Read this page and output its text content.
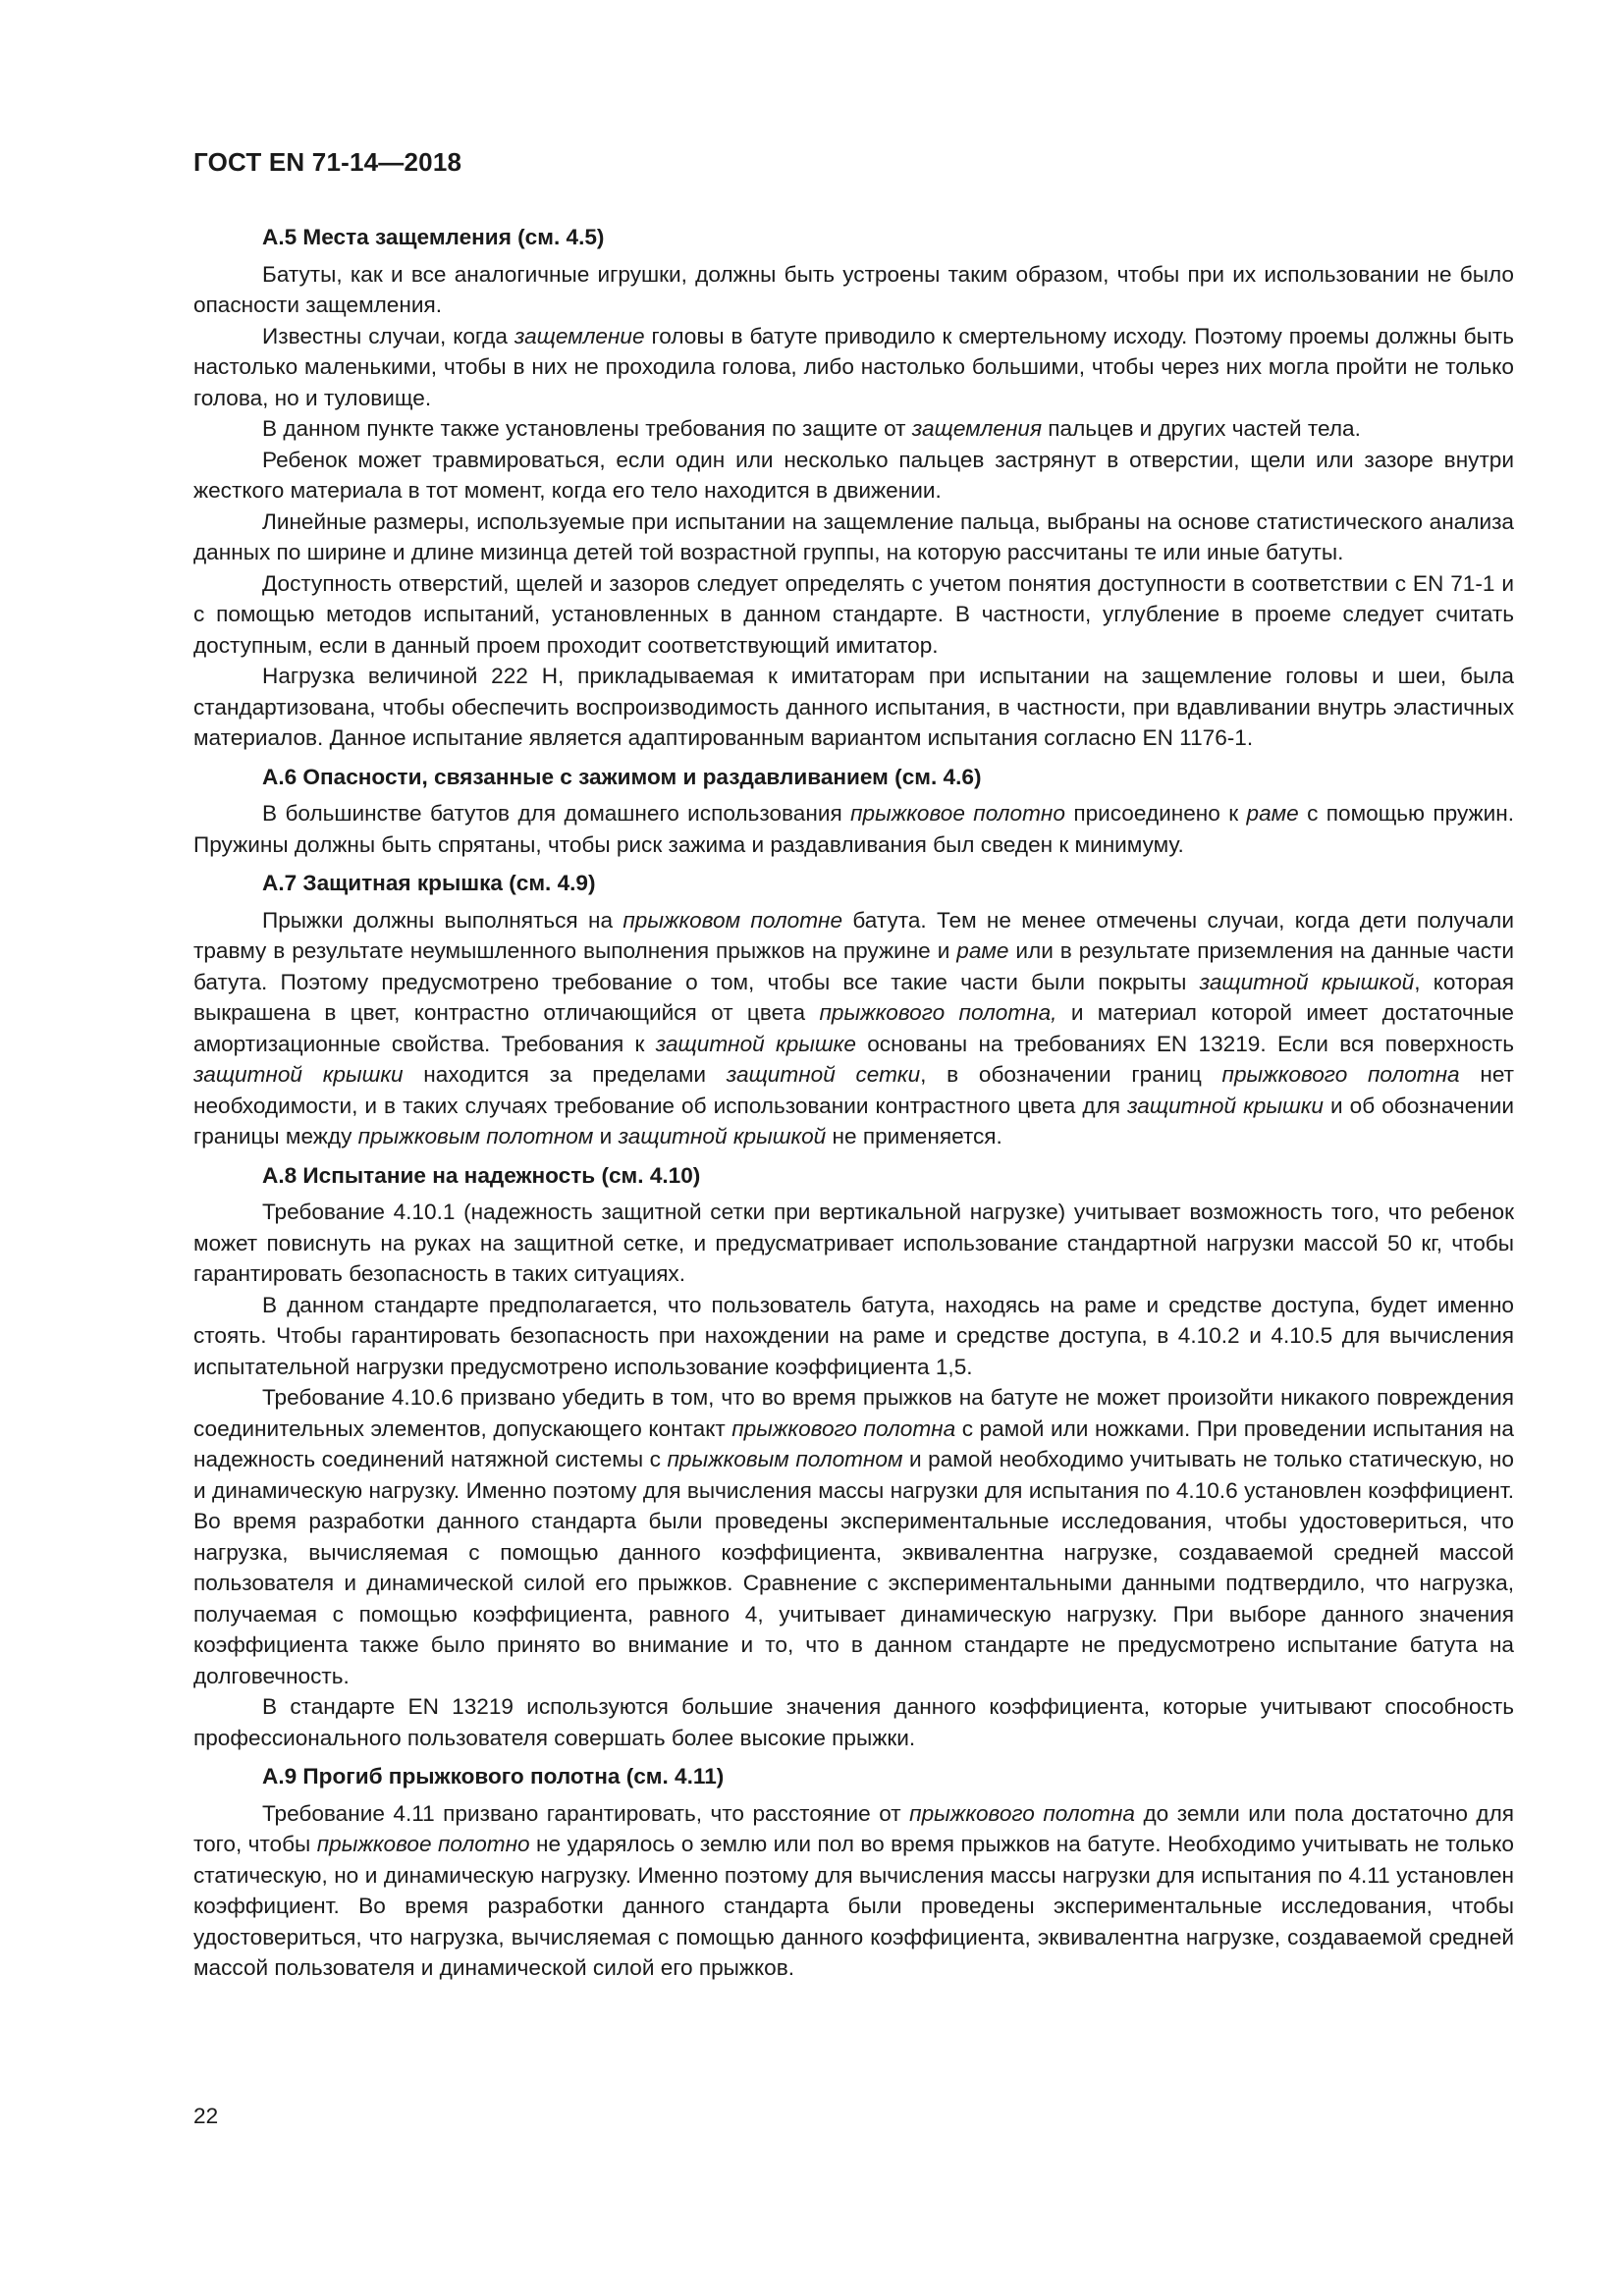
ГОСТ EN 71-14—2018
А.5 Места защемления (см. 4.5)

Батуты, как и все аналогичные игрушки, должны быть устроены таким образом, чтобы при их использовании не было опасности защемления.

Известны случаи, когда защемление головы в батуте приводило к смертельному исходу. Поэтому проемы должны быть настолько маленькими, чтобы в них не проходила голова, либо настолько большими, чтобы через них могла пройти не только голова, но и туловище.

В данном пункте также установлены требования по защите от защемления пальцев и других частей тела.

Ребенок может травмироваться, если один или несколько пальцев застрянут в отверстии, щели или зазоре внутри жесткого материала в тот момент, когда его тело находится в движении.

Линейные размеры, используемые при испытании на защемление пальца, выбраны на основе статистического анализа данных по ширине и длине мизинца детей той возрастной группы, на которую рассчитаны те или иные батуты.

Доступность отверстий, щелей и зазоров следует определять с учетом понятия доступности в соответствии с EN 71-1 и с помощью методов испытаний, установленных в данном стандарте. В частности, углубление в проеме следует считать доступным, если в данный проем проходит соответствующий имитатор.

Нагрузка величиной 222 Н, прикладываемая к имитаторам при испытании на защемление головы и шеи, была стандартизована, чтобы обеспечить воспроизводимость данного испытания, в частности, при вдавливании внутрь эластичных материалов. Данное испытание является адаптированным вариантом испытания согласно EN 1176-1.

А.6 Опасности, связанные с зажимом и раздавливанием (см. 4.6)

В большинстве батутов для домашнего использования прыжковое полотно присоединено к раме с помощью пружин. Пружины должны быть спрятаны, чтобы риск зажима и раздавливания был сведен к минимуму.

А.7 Защитная крышка (см. 4.9)

Прыжки должны выполняться на прыжковом полотне батута. Тем не менее отмечены случаи, когда дети получали травму в результате неумышленного выполнения прыжков на пружине и раме или в результате приземления на данные части батута. Поэтому предусмотрено требование о том, чтобы все такие части были покрыты защитной крышкой, которая выкрашена в цвет, контрастно отличающийся от цвета прыжкового полотна, и материал которой имеет достаточные амортизационные свойства. Требования к защитной крышке основаны на требованиях EN 13219. Если вся поверхность защитной крышки находится за пределами защитной сетки, в обозначении границ прыжкового полотна нет необходимости, и в таких случаях требование об использовании контрастного цвета для защитной крышки и об обозначении границы между прыжковым полотном и защитной крышкой не применяется.

А.8 Испытание на надежность (см. 4.10)

Требование 4.10.1 (надежность защитной сетки при вертикальной нагрузке) учитывает возможность того, что ребенок может повиснуть на руках на защитной сетке, и предусматривает использование стандартной нагрузки массой 50 кг, чтобы гарантировать безопасность в таких ситуациях.

В данном стандарте предполагается, что пользователь батута, находясь на раме и средстве доступа, будет именно стоять. Чтобы гарантировать безопасность при нахождении на раме и средстве доступа, в 4.10.2 и 4.10.5 для вычисления испытательной нагрузки предусмотрено использование коэффициента 1,5.

Требование 4.10.6 призвано убедить в том, что во время прыжков на батуте не может произойти никакого повреждения соединительных элементов, допускающего контакт прыжкового полотна с рамой или ножками. При проведении испытания на надежность соединений натяжной системы с прыжковым полотном и рамой необходимо учитывать не только статическую, но и динамическую нагрузку. Именно поэтому для вычисления массы нагрузки для испытания по 4.10.6 установлен коэффициент. Во время разработки данного стандарта были проведены экспериментальные исследования, чтобы удостовериться, что нагрузка, вычисляемая с помощью данного коэффициента, эквивалентна нагрузке, создаваемой средней массой пользователя и динамической силой его прыжков. Сравнение с экспериментальными данными подтвердило, что нагрузка, получаемая с помощью коэффициента, равного 4, учитывает динамическую нагрузку. При выборе данного значения коэффициента также было принято во внимание и то, что в данном стандарте не предусмотрено испытание батута на долговечность.

В стандарте EN 13219 используются большие значения данного коэффициента, которые учитывают способность профессионального пользователя совершать более высокие прыжки.

А.9 Прогиб прыжкового полотна (см. 4.11)

Требование 4.11 призвано гарантировать, что расстояние от прыжкового полотна до земли или пола достаточно для того, чтобы прыжковое полотно не ударялось о землю или пол во время прыжков на батуте. Необходимо учитывать не только статическую, но и динамическую нагрузку. Именно поэтому для вычисления массы нагрузки для испытания по 4.11 установлен коэффициент. Во время разработки данного стандарта были проведены экспериментальные исследования, чтобы удостовериться, что нагрузка, вычисляемая с помощью данного коэффициента, эквивалентна нагрузке, создаваемой средней массой пользователя и динамической силой его прыжков.

22
